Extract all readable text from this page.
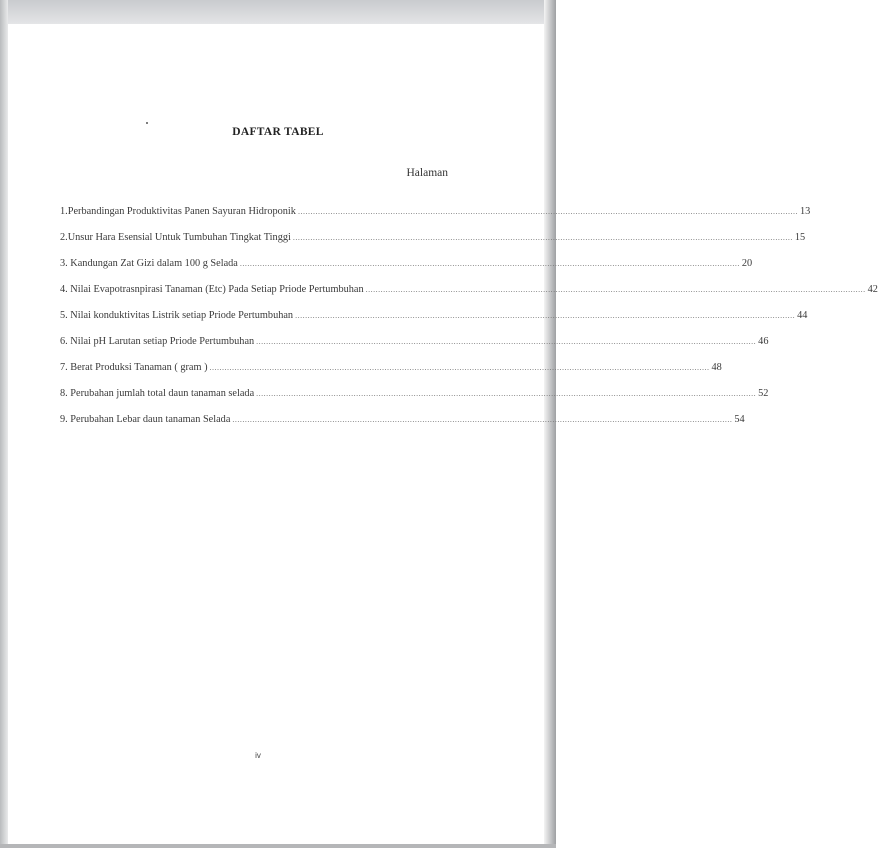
DAFTAR TABEL
Halaman
1.Perbandingan Produktivitas Panen Sayuran Hidroponik ........................................................................................................................................................................................................ 13
2.Unsur Hara Esensial Untuk Tumbuhan Tingkat Tinggi ........................................................................................................................................................................................................ 15
3. Kandungan Zat Gizi dalam 100 g Selada ........................................................................................................................................................................................................ 20
4. Nilai Evapotrasnpirasi Tanaman (Etc) Pada Setiap Priode Pertumbuhan ........................................................................................................................................................................................................ 42
5. Nilai konduktivitas Listrik setiap Priode Pertumbuhan ........................................................................................................................................................................................................ 44
6. Nilai pH Larutan setiap Priode Pertumbuhan ........................................................................................................................................................................................................ 46
7. Berat Produksi Tanaman ( gram ) ........................................................................................................................................................................................................ 48
8. Perubahan jumlah total daun tanaman selada ........................................................................................................................................................................................................ 52
9. Perubahan Lebar daun tanaman Selada ........................................................................................................................................................................................................ 54
iv
